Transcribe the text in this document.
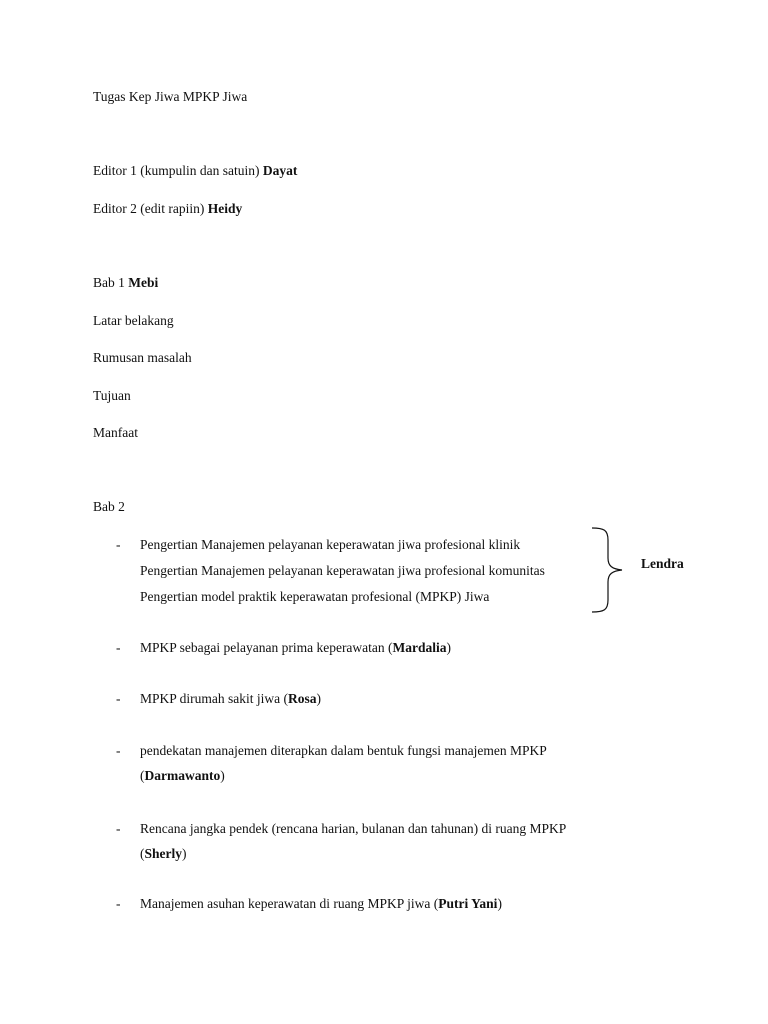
Tugas Kep Jiwa MPKP Jiwa
Editor 1 (kumpulin dan satuin) Dayat
Editor 2 (edit rapiin) Heidy
Bab 1 Mebi
Latar belakang
Rumusan masalah
Tujuan
Manfaat
Bab 2
- Pengertian Manajemen pelayanan keperawatan jiwa profesional klinik
Pengertian Manajemen pelayanan keperawatan jiwa profesional komunitas
Pengertian model praktik keperawatan profesional (MPKP) Jiwa
Lendra
- MPKP sebagai pelayanan prima keperawatan (Mardalia)
- MPKP dirumah sakit jiwa (Rosa)
- pendekatan manajemen diterapkan dalam bentuk fungsi manajemen MPKP
(Darmawanto)
- Rencana jangka pendek (rencana harian, bulanan dan tahunan) di ruang MPKP
(Sherly)
- Manajemen asuhan keperawatan di ruang MPKP jiwa (Putri Yani)
